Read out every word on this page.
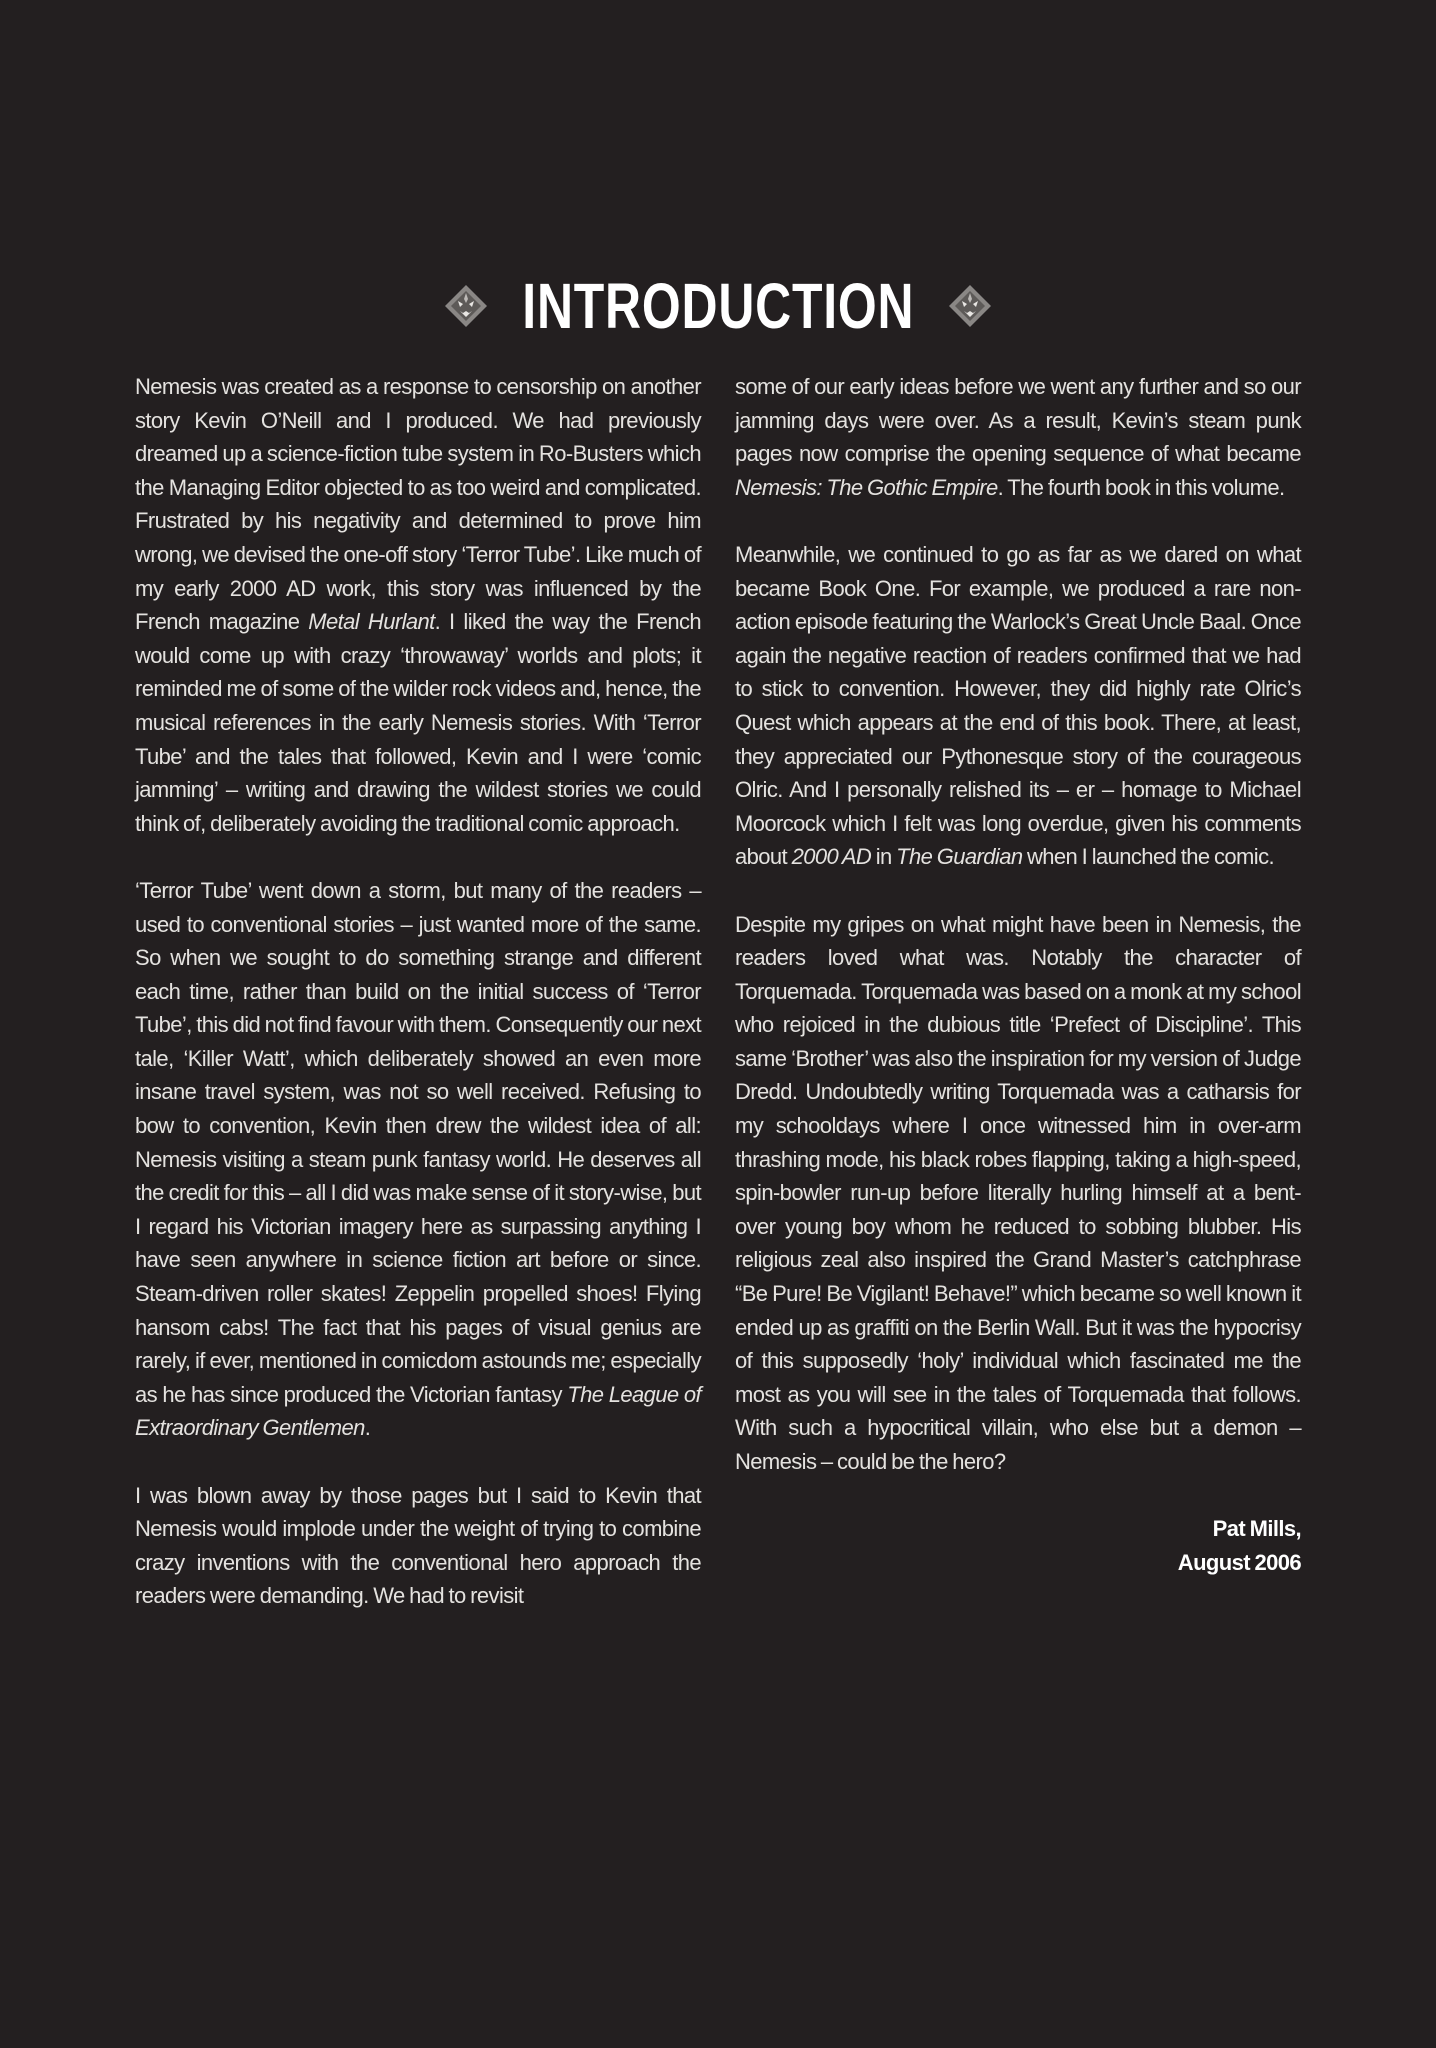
INTRODUCTION

Nemesis was created as a response to censorship on another story Kevin O’Neill and I produced. We had previously dreamed up a science-fiction tube system in Ro-Busters which the Managing Editor objected to as too weird and complicated. Frustrated by his negativity and determined to prove him wrong, we devised the one-off story ‘Terror Tube’. Like much of my early 2000 AD work, this story was influenced by the French magazine Metal Hurlant. I liked the way the French would come up with crazy ‘throwaway’ worlds and plots; it reminded me of some of the wilder rock videos and, hence, the musical references in the early Nemesis stories. With ‘Terror Tube’ and the tales that followed, Kevin and I were ‘comic jamming’ – writing and drawing the wildest stories we could think of, deliberately avoiding the traditional comic approach.

‘Terror Tube’ went down a storm, but many of the readers – used to conventional stories – just wanted more of the same. So when we sought to do something strange and different each time, rather than build on the initial success of ‘Terror Tube’, this did not find favour with them. Consequently our next tale, ‘Killer Watt’, which deliberately showed an even more insane travel system, was not so well received. Refusing to bow to convention, Kevin then drew the wildest idea of all: Nemesis visiting a steam punk fantasy world. He deserves all the credit for this – all I did was make sense of it story-wise, but I regard his Victorian imagery here as surpassing anything I have seen anywhere in science fiction art before or since. Steam-driven roller skates! Zeppelin propelled shoes! Flying hansom cabs! The fact that his pages of visual genius are rarely, if ever, mentioned in comicdom astounds me; especially as he has since produced the Victorian fantasy The League of Extraordinary Gentlemen.

I was blown away by those pages but I said to Kevin that Nemesis would implode under the weight of trying to combine crazy inventions with the conventional hero approach the readers were demanding. We had to revisit

some of our early ideas before we went any further and so our jamming days were over. As a result, Kevin’s steam punk pages now comprise the opening sequence of what became Nemesis: The Gothic Empire. The fourth book in this volume.

Meanwhile, we continued to go as far as we dared on what became Book One. For example, we produced a rare non-action episode featuring the Warlock’s Great Uncle Baal. Once again the negative reaction of readers confirmed that we had to stick to convention. However, they did highly rate Olric’s Quest which appears at the end of this book. There, at least, they appreciated our Pythonesque story of the courageous Olric. And I personally relished its – er – homage to Michael Moorcock which I felt was long overdue, given his comments about 2000 AD in The Guardian when I launched the comic.

Despite my gripes on what might have been in Nemesis, the readers loved what was. Notably the character of Torquemada. Torquemada was based on a monk at my school who rejoiced in the dubious title ‘Prefect of Discipline’. This same ‘Brother’ was also the inspiration for my version of Judge Dredd. Undoubtedly writing Torquemada was a catharsis for my schooldays where I once witnessed him in over-arm thrashing mode, his black robes flapping, taking a high-speed, spin-bowler run-up before literally hurling himself at a bent-over young boy whom he reduced to sobbing blubber. His religious zeal also inspired the Grand Master’s catchphrase “Be Pure! Be Vigilant! Behave!” which became so well known it ended up as graffiti on the Berlin Wall. But it was the hypocrisy of this supposedly ‘holy’ individual which fascinated me the most as you will see in the tales of Torquemada that follows. With such a hypocritical villain, who else but a demon – Nemesis – could be the hero?

Pat Mills,
August 2006
